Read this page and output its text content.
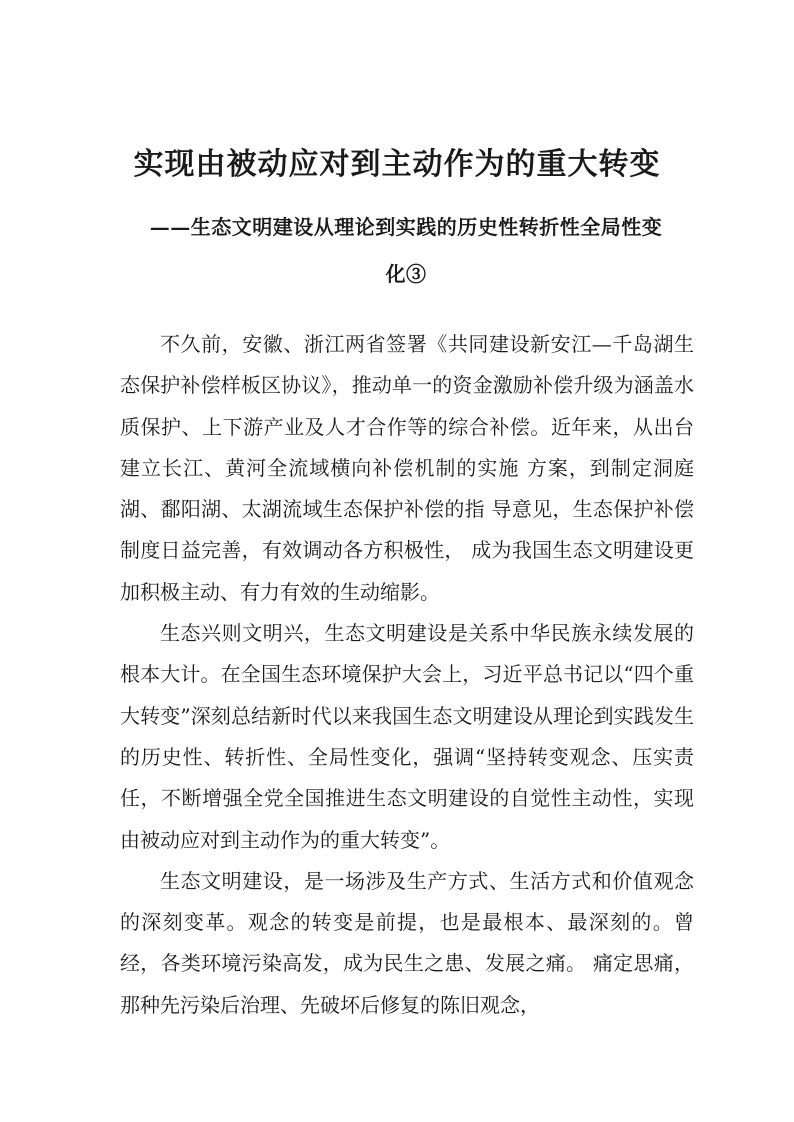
实现由被动应对到主动作为的重大转变
——生态文明建设从理论到实践的历史性转折性全局性变化③

不久前，安徽、浙江两省签署《共同建设新安江—千岛湖生态保护补偿样板区协议》，推动单一的资金激励补偿升级为涵盖水质保护、上下游产业及人才合作等的综合补偿。近年来，从出台建立长江、黄河全流域横向补偿机制的实施 方案，到制定洞庭湖、鄱阳湖、太湖流域生态保护补偿的指 导意见，生态保护补偿制度日益完善，有效调动各方积极性， 成为我国生态文明建设更加积极主动、有力有效的生动缩影。

生态兴则文明兴，生态文明建设是关系中华民族永续发展的根本大计。在全国生态环境保护大会上，习近平总书记以“四个重大转变”深刻总结新时代以来我国生态文明建设从理论到实践发生的历史性、转折性、全局性变化，强调“坚持转变观念、压实责任，不断增强全党全国推进生态文明建设的自觉性主动性，实现由被动应对到主动作为的重大转变”。

生态文明建设，是一场涉及生产方式、生活方式和价值观念的深刻变革。观念的转变是前提，也是最根本、最深刻的。曾经，各类环境污染高发，成为民生之患、发展之痛。 痛定思痛，那种先污染后治理、先破坏后修复的陈旧观念，
